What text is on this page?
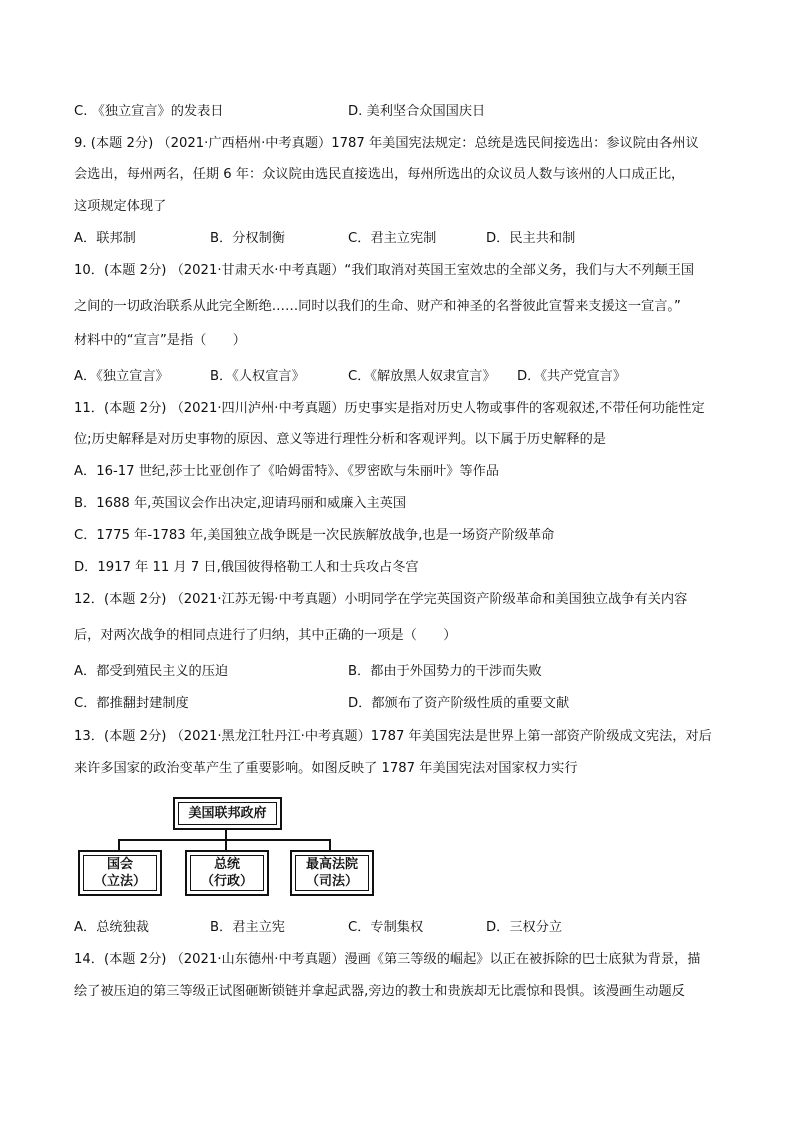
C. 《独立宣言》的发表日	D. 美利坚合众国国庆日
9. (本题 2分) （2021·广西梧州·中考真题）1787 年美国宪法规定：总统是选民间接选出：参议院由各州议
会选出，每州两名，任期 6 年：众议院由选民直接选出，每州所选出的众议员人数与该州的人口成正比，
这项规定体现了
A．联邦制	B．分权制衡	C．君主立宪制	D．民主共和制
10．(本题 2分) （2021·甘肃天水·中考真题）“我们取消对英国王室效忠的全部义务，我们与大不列颠王国
之间的一切政治联系从此完全断绝……同时以我们的生命、财产和神圣的名誉彼此宣誓来支援这一宣言。”
材料中的“宣言”是指（　　）
A．《独立宣言》	B．《人权宣言》	C．《解放黑人奴隶宣言》 D．《共产党宣言》
11．(本题 2分) （2021·四川泸州·中考真题）历史事实是指对历史人物或事件的客观叙述,不带任何功能性定
位;历史解释是对历史事物的原因、意义等进行理性分析和客观评判。以下属于历史解释的是
A．16-17 世纪,莎士比亚创作了《哈姆雷特》、《罗密欧与朱丽叶》等作品
B．1688 年,英国议会作出决定,迎请玛丽和威廉入主英国
C．1775 年-1783 年,美国独立战争既是一次民族解放战争,也是一场资产阶级革命
D．1917 年 11 月 7 日,俄国彼得格勒工人和士兵攻占冬宫
12．(本题 2分) （2021·江苏无锡·中考真题）小明同学在学完英国资产阶级革命和美国独立战争有关内容
后，对两次战争的相同点进行了归纳，其中正确的一项是（　　）
A．都受到殖民主义的压迫	B．都由于外国势力的干涉而失败
C．都推翻封建制度	D．都颁布了资产阶级性质的重要文献
13．(本题 2分) （2021·黑龙江牡丹江·中考真题）1787 年美国宪法是世界上第一部资产阶级成文宪法，对后
来许多国家的政治变革产生了重要影响。如图反映了 1787 年美国宪法对国家权力实行
美国联邦政府
国会
（立法）
总统
（行政）
最高法院
（司法）
A．总统独裁	B．君主立宪	C．专制集权	D．三权分立
14．(本题 2分) （2021·山东德州·中考真题）漫画《第三等级的崛起》以正在被拆除的巴士底狱为背景，描
绘了被压迫的第三等级正试图砸断锁链并拿起武器,旁边的教士和贵族却无比震惊和畏惧。该漫画生动题反
